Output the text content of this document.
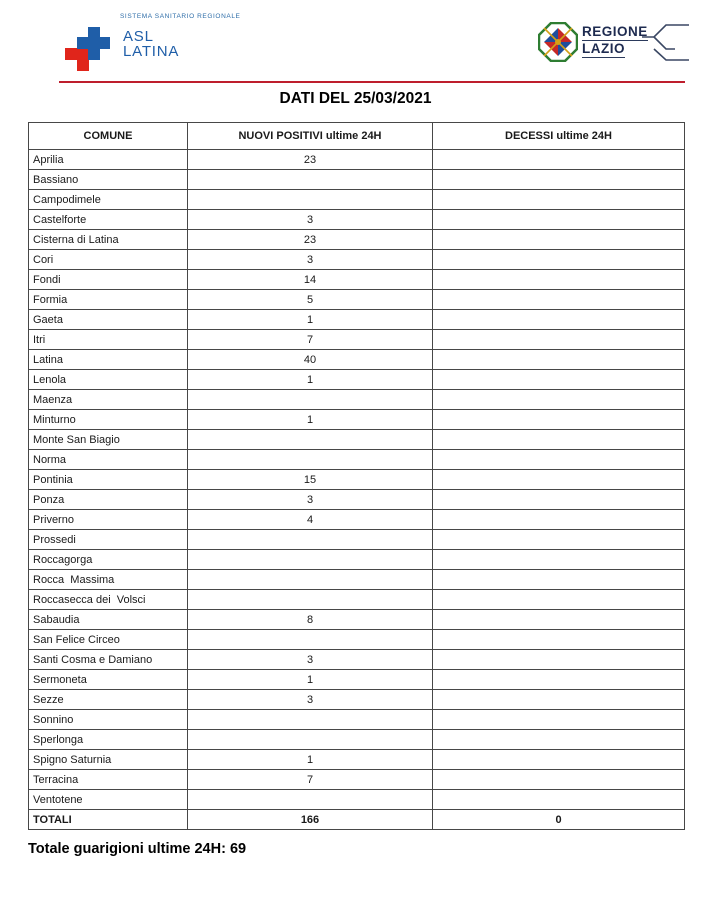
SISTEMA SANITARIO REGIONALE
ASL
LATINA
REGIONE
LAZIO
DATI DEL 25/03/2021
COMUNE	NUOVI POSITIVI ultime 24H	DECESSI ultime 24H
Aprilia	23	
Bassiano		
Campodimele		
Castelforte	3	
Cisterna di Latina	23	
Cori	3	
Fondi	14	
Formia	5	
Gaeta	1	
Itri	7	
Latina	40	
Lenola	1	
Maenza		
Minturno	1	
Monte San Biagio		
Norma		
Pontinia	15	
Ponza	3	
Priverno	4	
Prossedi		
Roccagorga		
Rocca  Massima		
Roccasecca dei  Volsci		
Sabaudia	8	
San Felice Circeo		
Santi Cosma e Damiano	3	
Sermoneta	1	
Sezze	3	
Sonnino		
Sperlonga		
Spigno Saturnia	1	
Terracina	7	
Ventotene		
TOTALI	166	0
Totale guarigioni ultime 24H: 69
